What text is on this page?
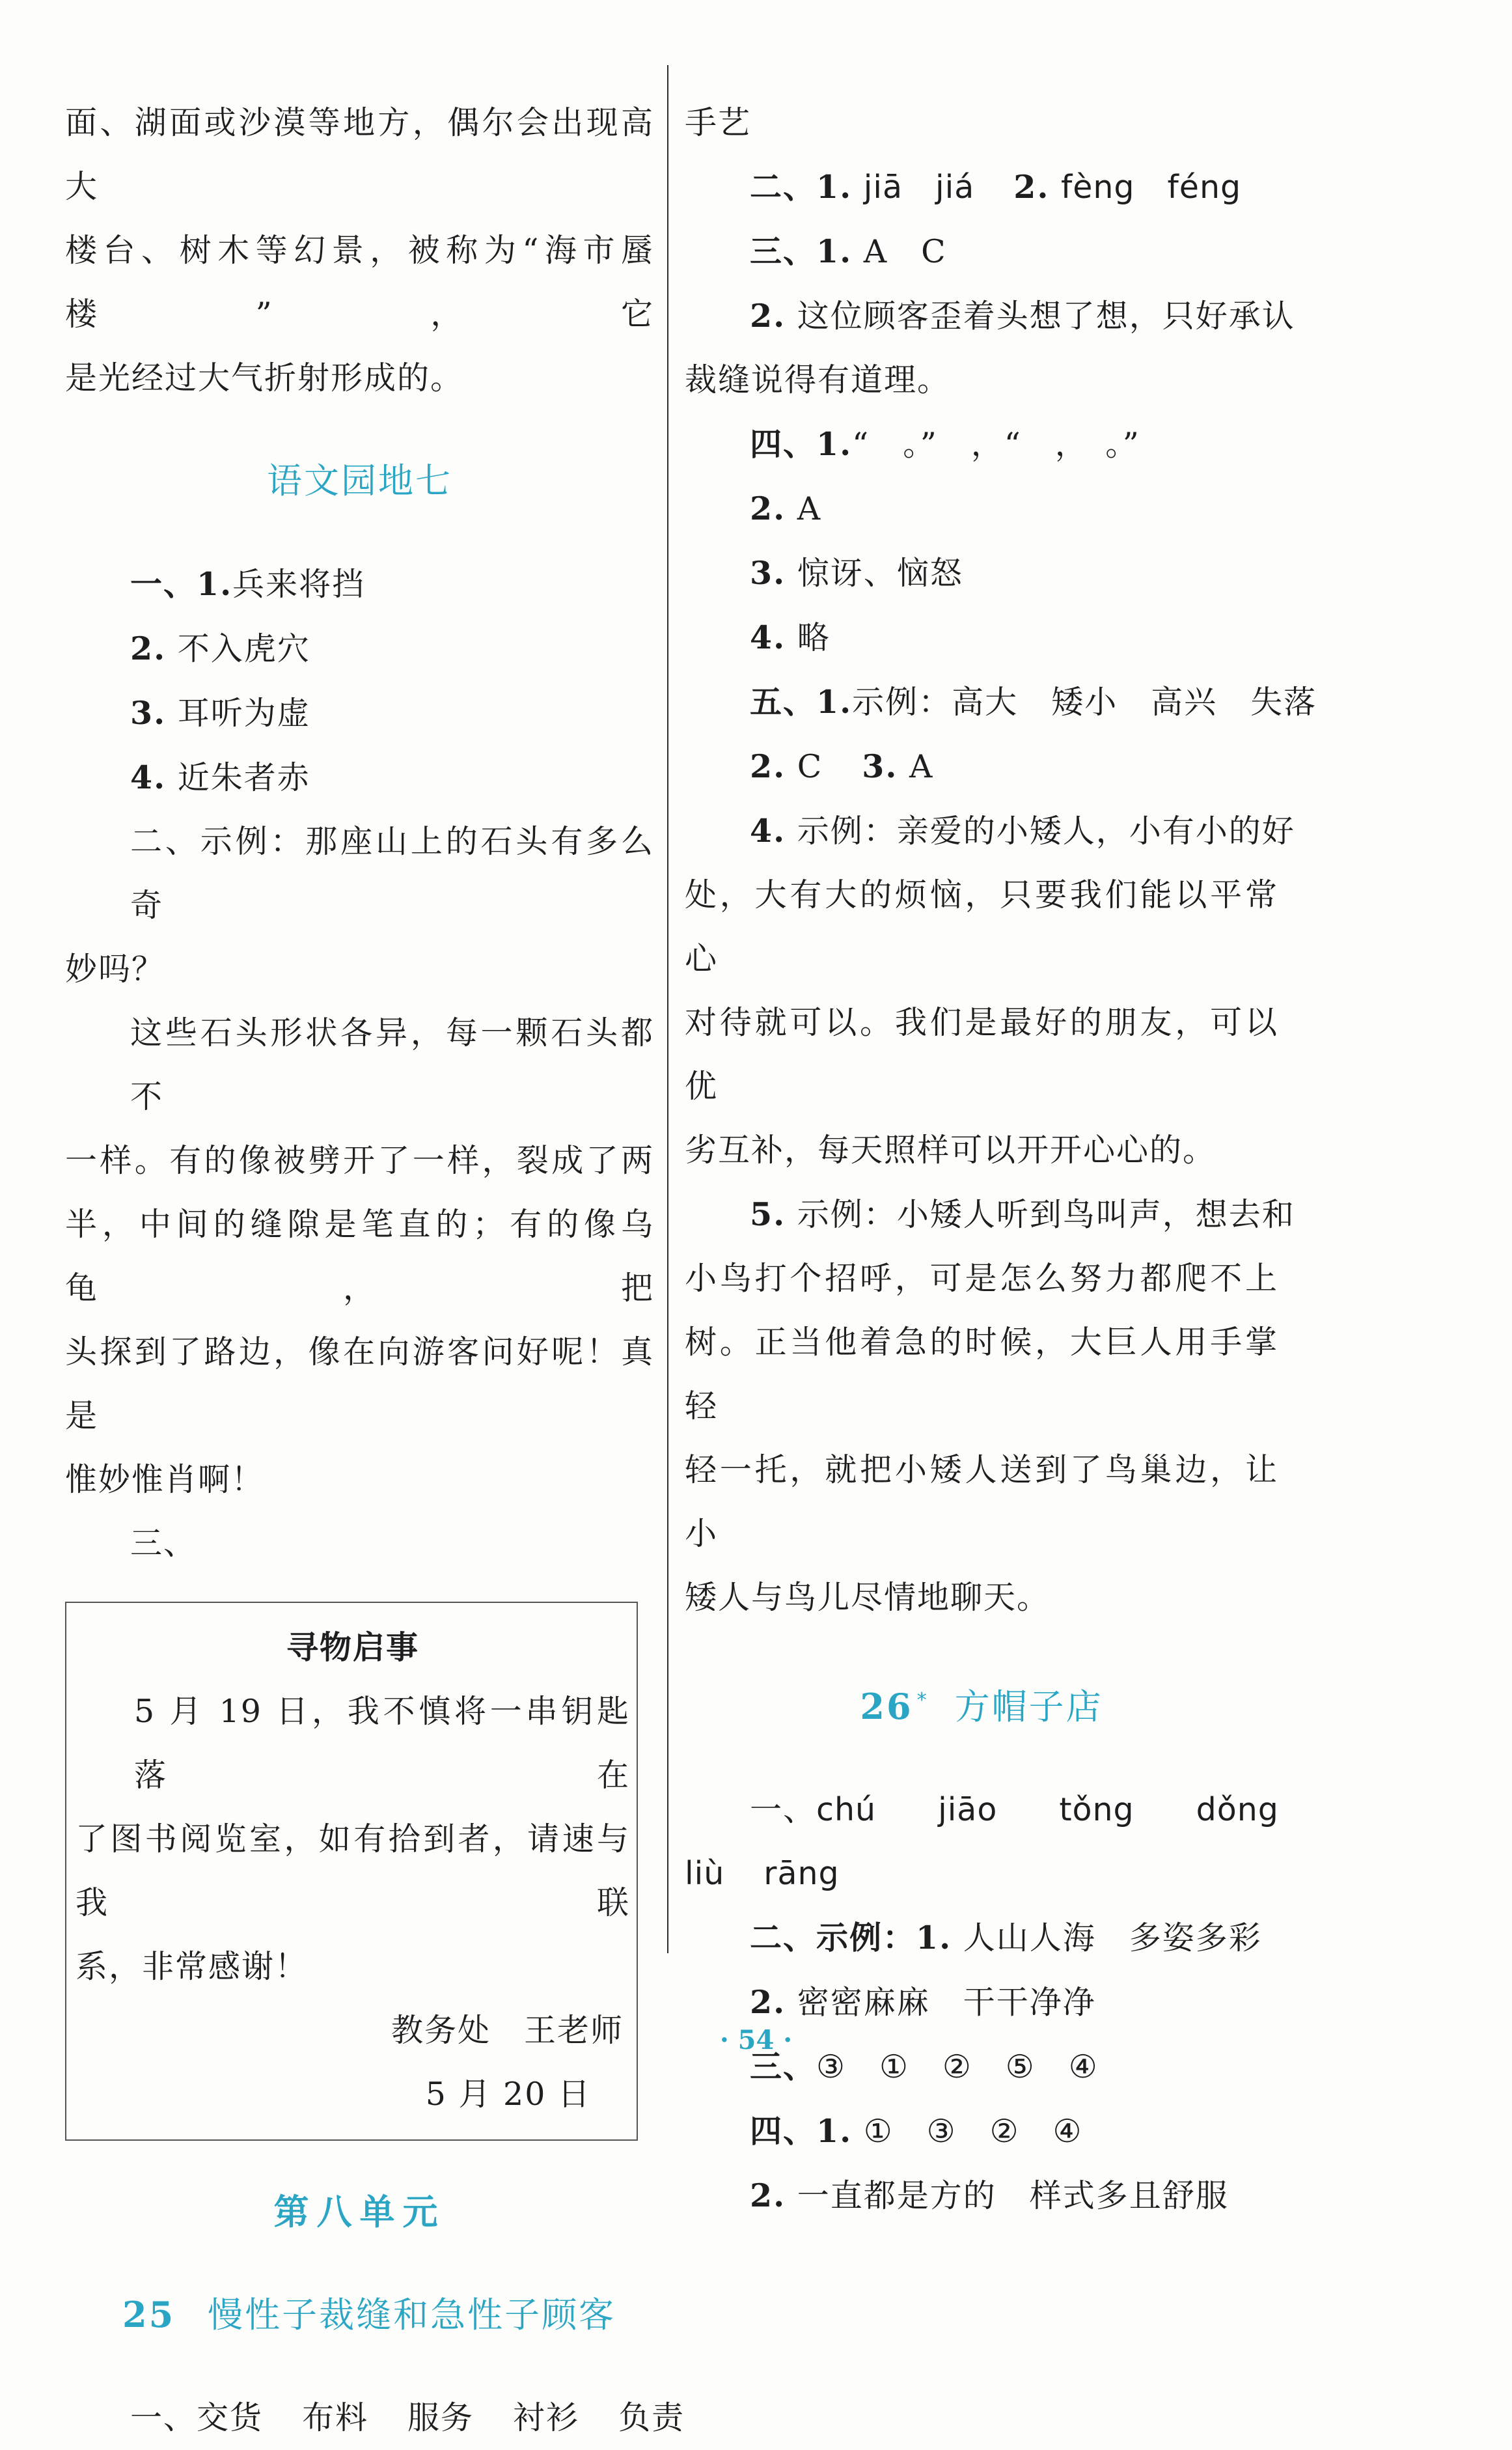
面、湖面或沙漠等地方，偶尔会出现高大
楼台、树木等幻景，被称为“海市蜃楼”，它
是光经过大气折射形成的。
语文园地七
一、1.兵来将挡
2. 不入虎穴
3. 耳听为虚
4. 近朱者赤
二、示例：那座山上的石头有多么奇
妙吗？
这些石头形状各异，每一颗石头都不
一样。有的像被劈开了一样，裂成了两
半，中间的缝隙是笔直的；有的像乌龟，把
头探到了路边，像在向游客问好呢！真是
惟妙惟肖啊！
三、
寻物启事
5 月 19 日，我不慎将一串钥匙落在
了图书阅览室，如有拾到者，请速与我联
系，非常感谢！
教务处　王老师
5 月 20 日
第八单元
25 慢性子裁缝和急性子顾客
一、交货 布料 服务 衬衫 负责
手艺
二、1. jiā　jiá 2. fèng　féng
三、1. A　C
2. 这位顾客歪着头想了想，只好承认
裁缝说得有道理。
四、1.“　。”　，“　，　。”
2. A
3. 惊讶、恼怒
4. 略
五、1.示例：高大　矮小　高兴　失落
2. C 3. A
4. 示例：亲爱的小矮人，小有小的好
处，大有大的烦恼，只要我们能以平常心
对待就可以。我们是最好的朋友，可以优
劣互补，每天照样可以开开心心的。
5. 示例：小矮人听到鸟叫声，想去和
小鸟打个招呼，可是怎么努力都爬不上
树。正当他着急的时候，大巨人用手掌轻
轻一托，就把小矮人送到了鸟巢边，让小
矮人与鸟儿尽情地聊天。
26 * 方帽子店
一、chú jiāo tǒng dǒng
liù rāng
二、示例：1. 人山人海　多姿多彩
2. 密密麻麻　干干净净
三、③　①　②　⑤　④
四、1. ①　③　②　④
2. 一直都是方的　样式多且舒服
· 54 ·
